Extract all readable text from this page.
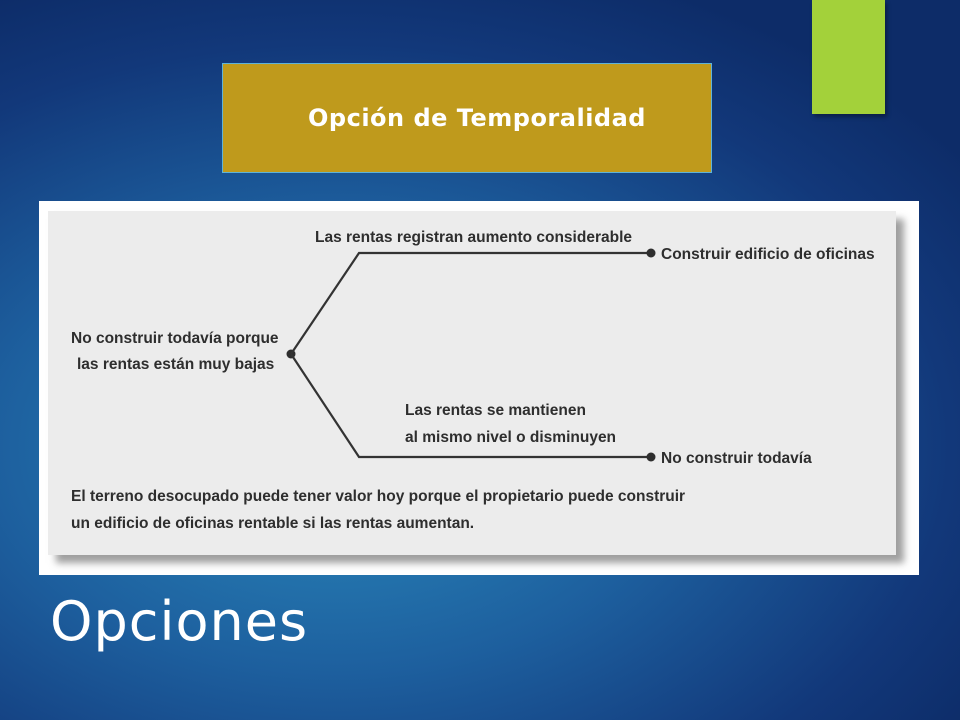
Opción de Temporalidad
No construir todavía porque
las rentas están muy bajas
Las rentas registran aumento considerable
Construir edificio de oficinas
Las rentas se mantienen
al mismo nivel o disminuyen
No construir todavía
El terreno desocupado puede tener valor hoy porque el propietario puede construir
un edificio de oficinas rentable si las rentas aumentan.
Opciones
